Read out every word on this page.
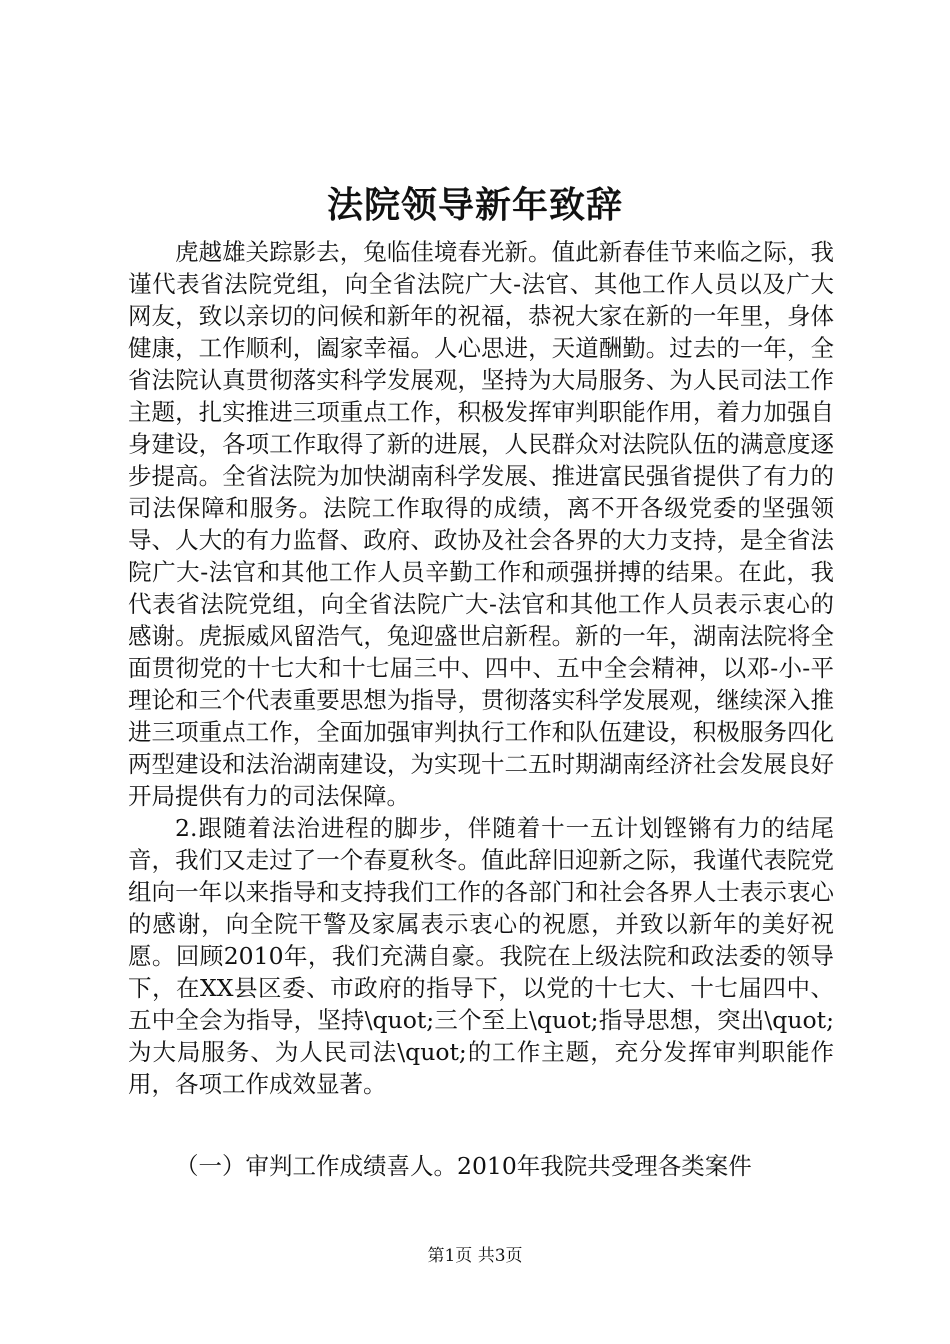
法院领导新年致辞

虎越雄关踪影去，兔临佳境春光新。值此新春佳节来临之际，我谨代表省法院党组，向全省法院广大-法官、其他工作人员以及广大网友，致以亲切的问候和新年的祝福，恭祝大家在新的一年里，身体健康，工作顺利，阖家幸福。人心思进，天道酬勤。过去的一年，全省法院认真贯彻落实科学发展观，坚持为大局服务、为人民司法工作主题，扎实推进三项重点工作，积极发挥审判职能作用，着力加强自身建设，各项工作取得了新的进展，人民群众对法院队伍的满意度逐步提高。全省法院为加快湖南科学发展、推进富民强省提供了有力的司法保障和服务。法院工作取得的成绩，离不开各级党委的坚强领导、人大的有力监督、政府、政协及社会各界的大力支持，是全省法院广大-法官和其他工作人员辛勤工作和顽强拼搏的结果。在此，我代表省法院党组，向全省法院广大-法官和其他工作人员表示衷心的感谢。虎振威风留浩气，兔迎盛世启新程。新的一年，湖南法院将全面贯彻党的十七大和十七届三中、四中、五中全会精神，以邓-小-平理论和三个代表重要思想为指导，贯彻落实科学发展观，继续深入推进三项重点工作，全面加强审判执行工作和队伍建设，积极服务四化两型建设和法治湖南建设，为实现十二五时期湖南经济社会发展良好开局提供有力的司法保障。

2.跟随着法治进程的脚步，伴随着十一五计划铿锵有力的结尾音，我们又走过了一个春夏秋冬。值此辞旧迎新之际，我谨代表院党组向一年以来指导和支持我们工作的各部门和社会各界人士表示衷心的感谢，向全院干警及家属表示衷心的祝愿，并致以新年的美好祝愿。回顾2010年，我们充满自豪。我院在上级法院和政法委的领导下，在XX县区委、市政府的指导下，以党的十七大、十七届四中、五中全会为指导，坚持\quot;三个至上\quot;指导思想，突出\quot;为大局服务、为人民司法\quot;的工作主题，充分发挥审判职能作用，各项工作成效显著。

（一）审判工作成绩喜人。2010年我院共受理各类案件

第1页 共3页
